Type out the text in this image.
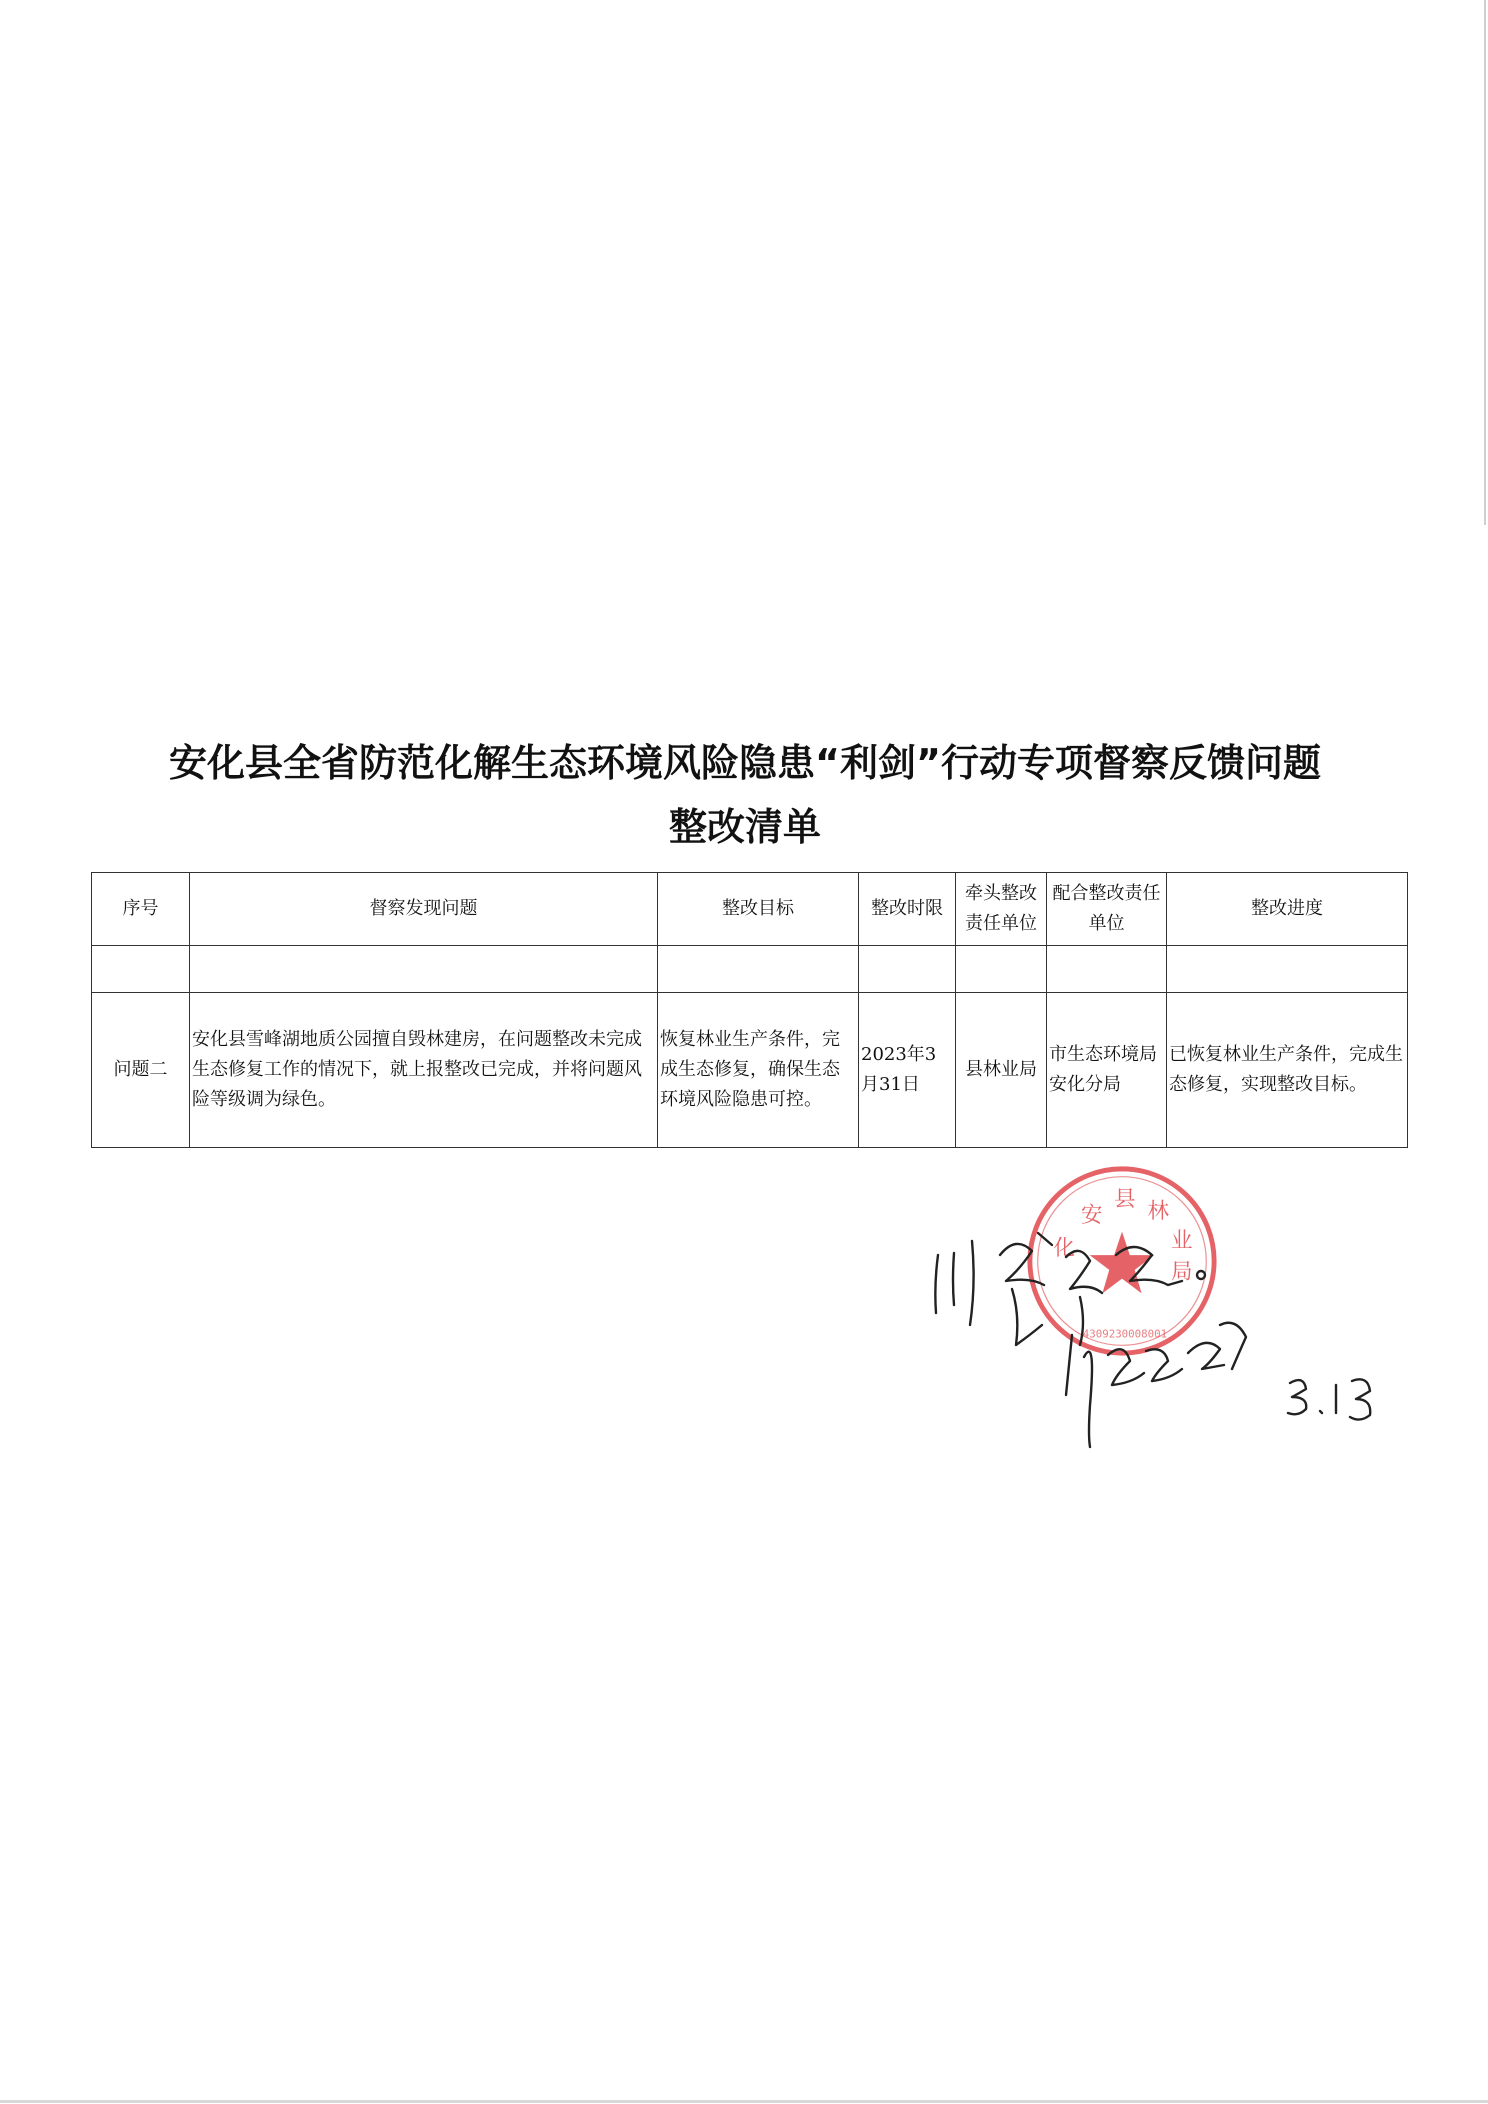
安化县全省防范化解生态环境风险隐患“利剑”行动专项督察反馈问题
整改清单
序号	督察发现问题	整改目标	整改时限	牵头整改责任单位	配合整改责任单位	整改进度

问题二	安化县雪峰湖地质公园擅自毁林建房，在问题整改未完成生态修复工作的情况下，就上报整改已完成，并将问题风险等级调为绿色。	恢复林业生产条件，完成生态修复，确保生态环境风险隐患可控。	2023年3月31日	县林业局	市生态环境局安化分局	已恢复林业生产条件，完成生态修复，实现整改目标。
安
县 林
业
化
局
4309230008001
3.13
